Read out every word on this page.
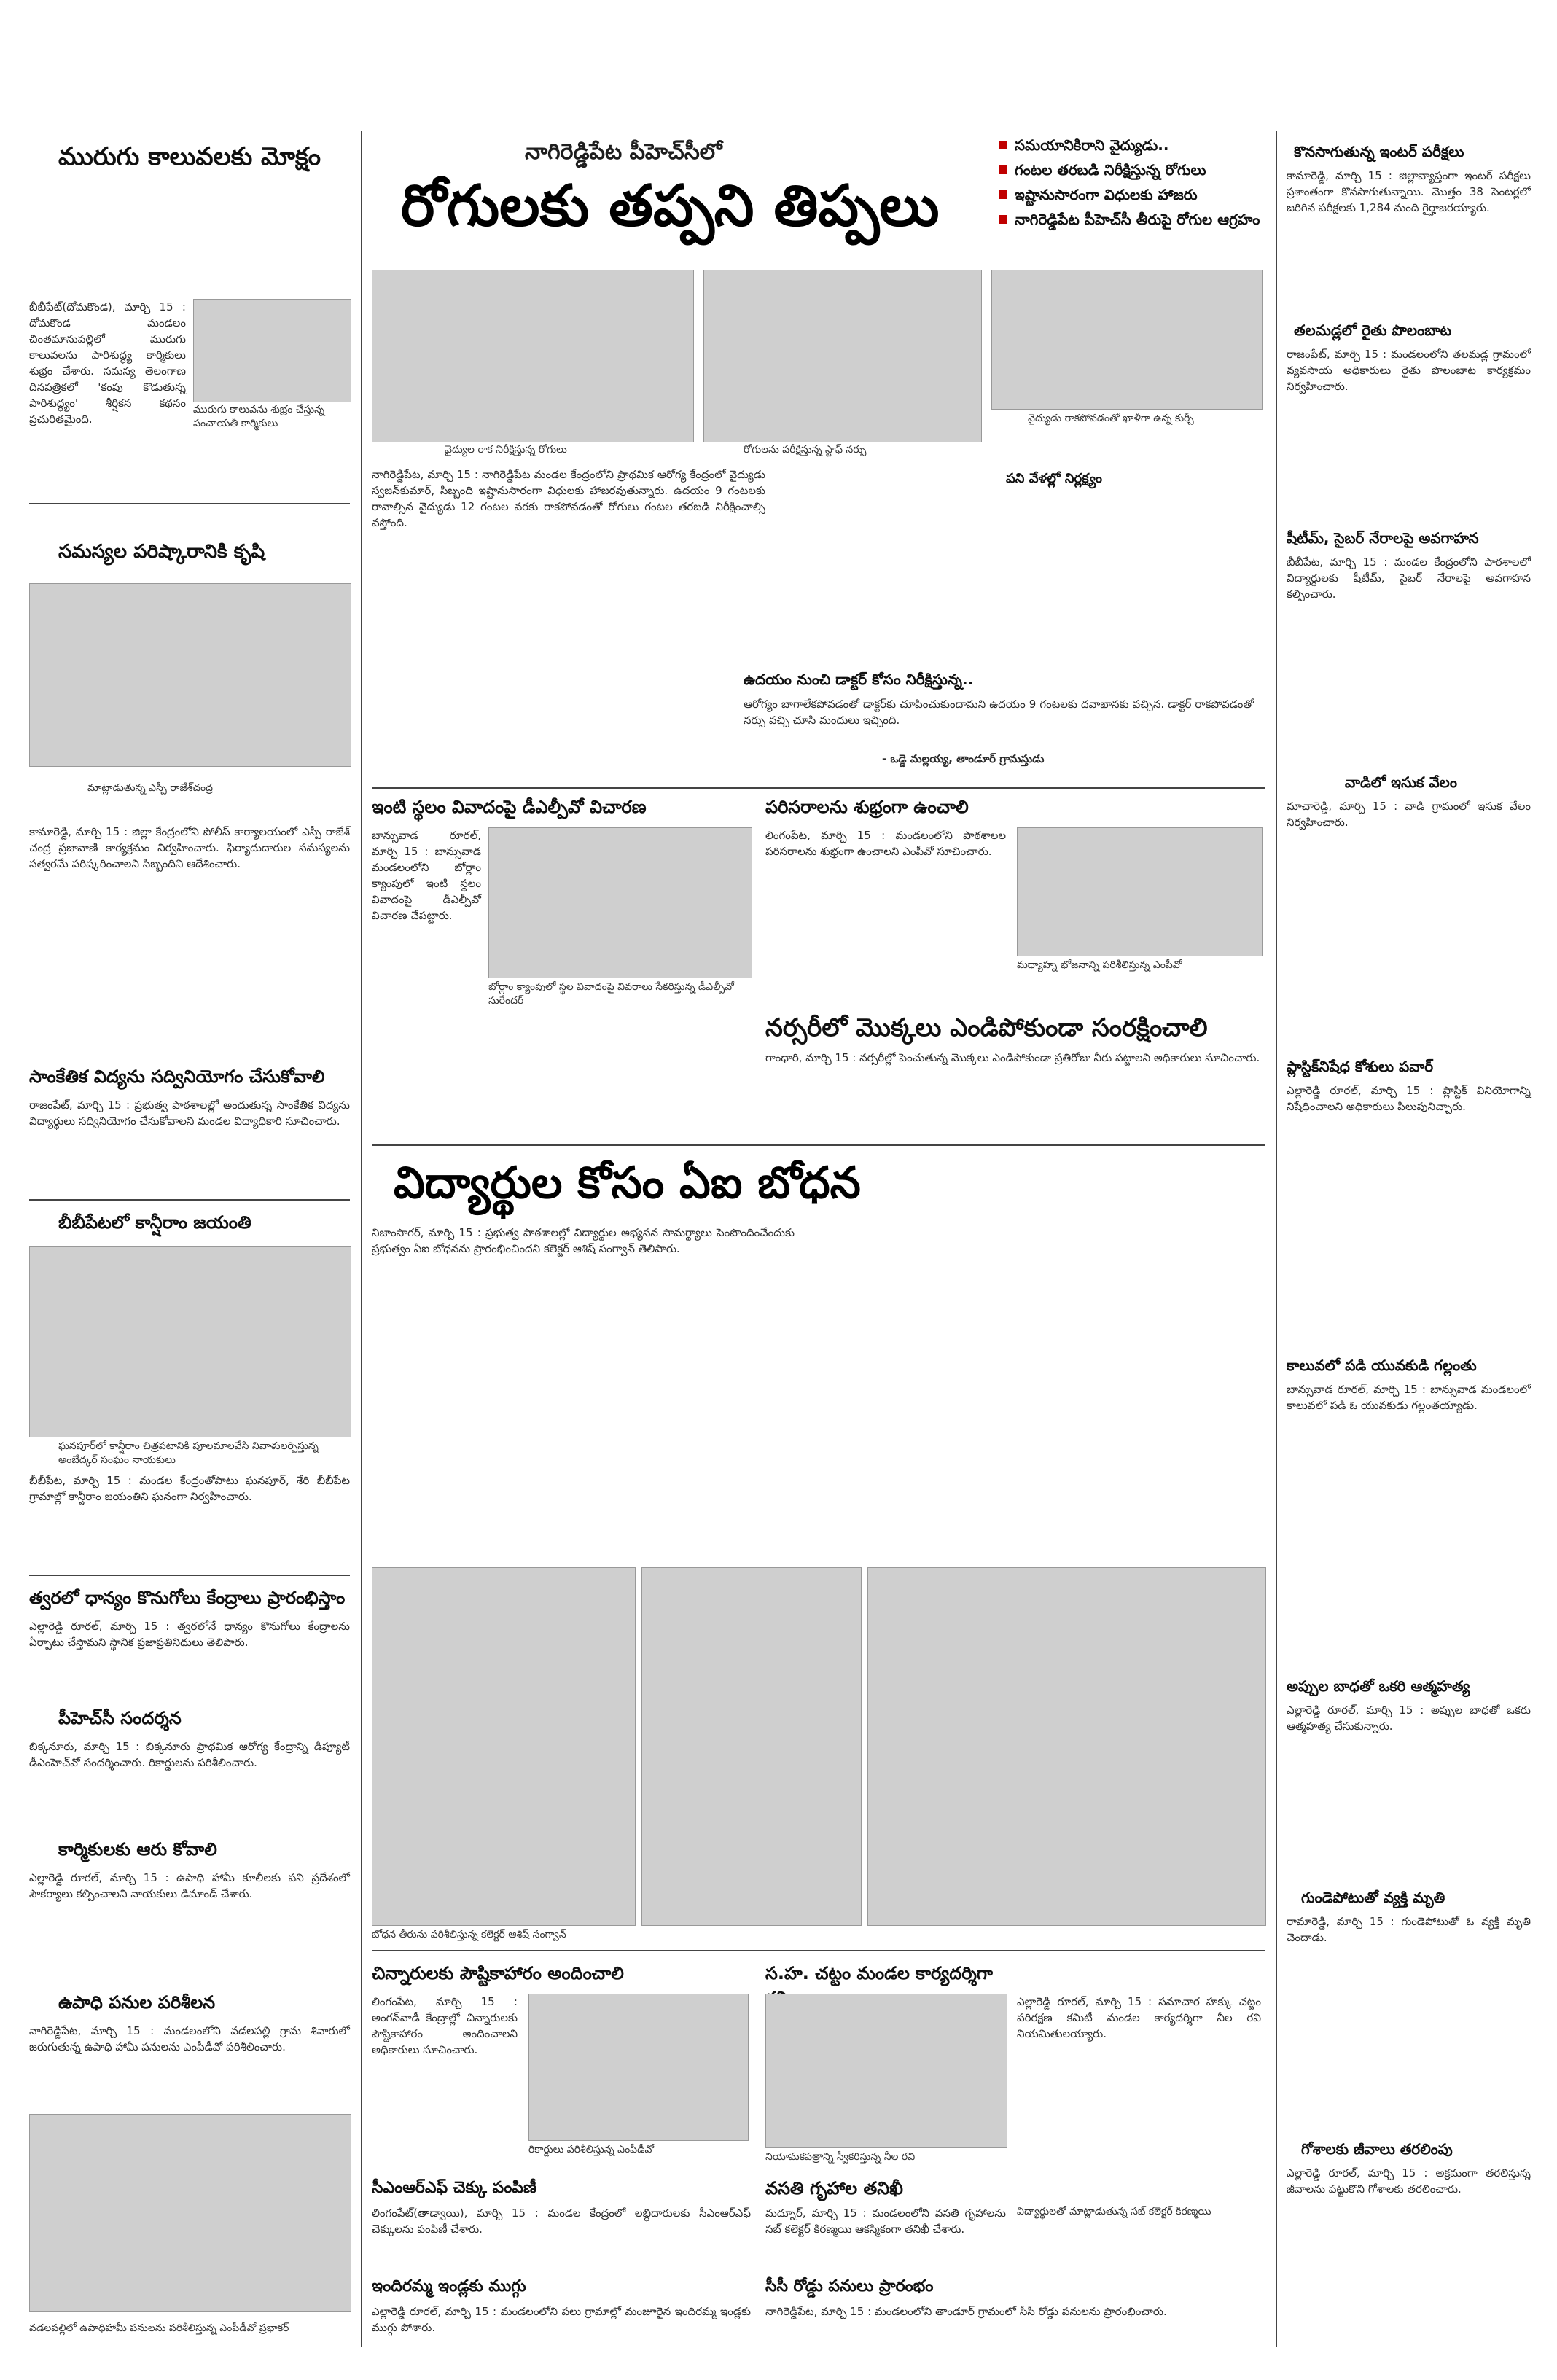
మురుగు కాలువలకు మోక్షం
బీబీపేట్(దోమకొండ), మార్చి 15 : దోమకొండ మండలం చింతమానుపల్లిలో మురుగు కాలువలను పారిశుద్ధ్య కార్మికులు శుభ్రం చేశారు. సమస్య తెలంగాణ దినపత్రికలో 'కంపు కొడుతున్న పారిశుద్ధ్యం' శీర్షికన కథనం ప్రచురితమైంది.
మురుగు కాలువను శుభ్రం చేస్తున్న పంచాయతీ కార్మికులు
సమస్యల పరిష్కారానికి కృషి
మాట్లాడుతున్న ఎస్పీ రాజేశ్‌చంద్ర
కామారెడ్డి, మార్చి 15 : జిల్లా కేంద్రంలోని పోలీస్ కార్యాలయంలో ఎస్పీ రాజేశ్ చంద్ర ప్రజావాణి కార్యక్రమం నిర్వహించారు. ఫిర్యాదుదారుల సమస్యలను సత్వరమే పరిష్కరించాలని సిబ్బందిని ఆదేశించారు.
సాంకేతిక విద్యను సద్వినియోగం చేసుకోవాలి
రాజంపేట్, మార్చి 15 : ప్రభుత్వ పాఠశాలల్లో అందుతున్న సాంకేతిక విద్యను విద్యార్థులు సద్వినియోగం చేసుకోవాలని మండల విద్యాధికారి సూచించారు.
బీబీపేటలో కాన్షీరాం జయంతి
ఘనపూర్‌లో కాన్షీరాం చిత్రపటానికి పూలమాలవేసి నివాళులర్పిస్తున్న అంబేద్కర్ సంఘం నాయకులు
బీబీపేట, మార్చి 15 : మండల కేంద్రంతోపాటు ఘనపూర్, శేరి బీబీపేట గ్రామాల్లో కాన్షీరాం జయంతిని ఘనంగా నిర్వహించారు.
త్వరలో ధాన్యం కొనుగోలు కేంద్రాలు ప్రారంభిస్తాం
ఎల్లారెడ్డి రూరల్, మార్చి 15 : త్వరలోనే ధాన్యం కొనుగోలు కేంద్రాలను ఏర్పాటు చేస్తామని స్థానిక ప్రజాప్రతినిధులు తెలిపారు.
పీహెచ్‌సీ సందర్శన
బిక్కనూరు, మార్చి 15 : బిక్కనూరు ప్రాథమిక ఆరోగ్య కేంద్రాన్ని డిప్యూటీ డీఎంహెచ్‌వో సందర్శించారు. రికార్డులను పరిశీలించారు.
కార్మికులకు ఆరు కోవాలి
ఎల్లారెడ్డి రూరల్, మార్చి 15 : ఉపాధి హామీ కూలీలకు పని ప్రదేశంలో సౌకర్యాలు కల్పించాలని నాయకులు డిమాండ్ చేశారు.
ఉపాధి పనుల పరిశీలన
నాగిరెడ్డిపేట, మార్చి 15 : మండలంలోని వడలపల్లి గ్రామ శివారులో జరుగుతున్న ఉపాధి హామీ పనులను ఎంపీడీవో పరిశీలించారు.
వడలపల్లిలో ఉపాధిహామీ పనులను పరిశీలిస్తున్న ఎంపీడీవో ప్రభాకర్
నాగిరెడ్డిపేట పీహెచ్‌సీలో
రోగులకు తప్పని తిప్పలు
సమయానికిరాని వైద్యుడు..
గంటల తరబడి నిరీక్షిస్తున్న రోగులు
ఇష్టానుసారంగా విధులకు హాజరు
నాగిరెడ్డిపేట పీహెచ్‌సీ తీరుపై రోగుల ఆగ్రహం
వైద్యుల రాక నిరీక్షిస్తున్న రోగులు	రోగులను పరీక్షిస్తున్న స్టాఫ్ నర్సు
వైద్యుడు రాకపోవడంతో ఖాళీగా ఉన్న కుర్చీ
నాగిరెడ్డిపేట, మార్చి 15 : నాగిరెడ్డిపేట మండల కేంద్రంలోని ప్రాథమిక ఆరోగ్య కేంద్రంలో వైద్యుడు స్వజన్‌కుమార్, సిబ్బంది ఇష్టానుసారంగా విధులకు హాజరవుతున్నారు. ఉదయం 9 గంటలకు రావాల్సిన వైద్యుడు 12 గంటల వరకు రాకపోవడంతో రోగులు గంటల తరబడి నిరీక్షించాల్సి వస్తోంది.
పని వేళల్లో నిర్లక్ష్యం
ఉదయం నుంచి డాక్టర్ కోసం నిరీక్షిస్తున్న..
ఆరోగ్యం బాగాలేకపోవడంతో డాక్టర్‌కు చూపించుకుందామని ఉదయం 9 గంటలకు దవాఖానకు వచ్చిన. డాక్టర్ రాకపోవడంతో నర్సు వచ్చి చూసి మందులు ఇచ్చింది.
- ఒడ్డె మల్లయ్య, తాండూర్ గ్రామస్తుడు
ఇంటి స్థలం వివాదంపై డీఎల్పీవో విచారణ
బాన్సువాడ రూరల్, మార్చి 15 : బాన్సువాడ మండలంలోని బోర్లాం క్యాంపులో ఇంటి స్థలం వివాదంపై డీఎల్పీవో విచారణ చేపట్టారు.
బోర్లాం క్యాంపులో స్థల వివాదంపై వివరాలు సేకరిస్తున్న డీఎల్పీవో సురేందర్
పరిసరాలను శుభ్రంగా ఉంచాలి
లింగంపేట, మార్చి 15 : మండలంలోని పాఠశాలల పరిసరాలను శుభ్రంగా ఉంచాలని ఎంపీవో సూచించారు.
మధ్యాహ్న భోజనాన్ని పరిశీలిస్తున్న ఎంపీవో
నర్సరీలో మొక్కలు ఎండిపోకుండా సంరక్షించాలి
గాంధారి, మార్చి 15 : నర్సరీల్లో పెంచుతున్న మొక్కలు ఎండిపోకుండా ప్రతిరోజు నీరు పట్టాలని అధికారులు సూచించారు.
విద్యార్థుల కోసం ఏఐ బోధన
నిజాంసాగర్, మార్చి 15 : ప్రభుత్వ పాఠశాలల్లో విద్యార్థుల అభ్యసన సామర్థ్యాలు పెంపొందించేందుకు ప్రభుత్వం ఏఐ బోధనను ప్రారంభించిందని కలెక్టర్ ఆశిష్ సంగ్వాన్ తెలిపారు.
బోధన తీరును పరిశీలిస్తున్న కలెక్టర్ ఆశిష్ సంగ్వాన్
చిన్నారులకు పౌష్టికాహారం అందించాలి
లింగంపేట, మార్చి 15 : అంగన్‌వాడీ కేంద్రాల్లో చిన్నారులకు పౌష్టికాహారం అందించాలని అధికారులు సూచించారు.
రికార్డులు పరిశీలిస్తున్న ఎంపీడీవో
స.హ. చట్టం మండల కార్యదర్శిగా
నియామకపత్రాన్ని స్వీకరిస్తున్న నీల రవి
ఎల్లారెడ్డి రూరల్, మార్చి 15 : సమాచార హక్కు చట్టం పరిరక్షణ కమిటీ మండల కార్యదర్శిగా నీల రవి నియమితులయ్యారు.
సీఎంఆర్‌ఎఫ్ చెక్కు పంపిణీ
లింగంపేట్(తాడ్వాయి), మార్చి 15 : మండల కేంద్రంలో లబ్ధిదారులకు సీఎంఆర్‌ఎఫ్ చెక్కులను పంపిణీ చేశారు.
వసతి గృహాల తనిఖీ
మద్నూర్, మార్చి 15 : మండలంలోని వసతి గృహాలను సబ్ కలెక్టర్ కిరణ్మయి ఆకస్మికంగా తనిఖీ చేశారు.
విద్యార్థులతో మాట్లాడుతున్న సబ్ కలెక్టర్ కిరణ్మయి
ఇందిరమ్మ ఇండ్లకు ముగ్గు
ఎల్లారెడ్డి రూరల్, మార్చి 15 : మండలంలోని పలు గ్రామాల్లో మంజూరైన ఇందిరమ్మ ఇండ్లకు ముగ్గు పోశారు.
సీసీ రోడ్డు పనులు ప్రారంభం
నాగిరెడ్డిపేట, మార్చి 15 : మండలంలోని తాండూర్ గ్రామంలో సీసీ రోడ్డు పనులను ప్రారంభించారు.
కొనసాగుతున్న ఇంటర్ పరీక్షలు
కామారెడ్డి, మార్చి 15 : జిల్లావ్యాప్తంగా ఇంటర్ పరీక్షలు ప్రశాంతంగా కొనసాగుతున్నాయి. మొత్తం 38 సెంటర్లలో జరిగిన పరీక్షలకు 1,284 మంది గైర్హాజరయ్యారు.
తలమడ్లలో రైతు పొలంబాట
రాజంపేట్, మార్చి 15 : మండలంలోని తలమడ్ల గ్రామంలో వ్యవసాయ అధికారులు రైతు పొలంబాట కార్యక్రమం నిర్వహించారు.
షీటీమ్, సైబర్ నేరాలపై అవగాహన
బీబీపేట, మార్చి 15 : మండల కేంద్రంలోని పాఠశాలలో విద్యార్థులకు షీటీమ్, సైబర్ నేరాలపై అవగాహన కల్పించారు.
వాడిలో ఇసుక వేలం
మాచారెడ్డి, మార్చి 15 : వాడి గ్రామంలో ఇసుక వేలం నిర్వహించారు.
ప్లాస్టిక్‌నిషేధ కోశులు పవార్
ఎల్లారెడ్డి రూరల్, మార్చి 15 : ప్లాస్టిక్ వినియోగాన్ని నిషేధించాలని అధికారులు పిలుపునిచ్చారు.
కాలువలో పడి యువకుడి గల్లంతు
బాన్సువాడ రూరల్, మార్చి 15 : బాన్సువాడ మండలంలో కాలువలో పడి ఓ యువకుడు గల్లంతయ్యాడు.
అప్పుల బాధతో ఒకరి ఆత్మహత్య
ఎల్లారెడ్డి రూరల్, మార్చి 15 : అప్పుల బాధతో ఒకరు ఆత్మహత్య చేసుకున్నారు.
గుండెపోటుతో వ్యక్తి మృతి
రామారెడ్డి, మార్చి 15 : గుండెపోటుతో ఓ వ్యక్తి మృతి చెందాడు.
గోశాలకు జీవాలు తరలింపు
ఎల్లారెడ్డి రూరల్, మార్చి 15 : అక్రమంగా తరలిస్తున్న జీవాలను పట్టుకొని గోశాలకు తరలించారు.
